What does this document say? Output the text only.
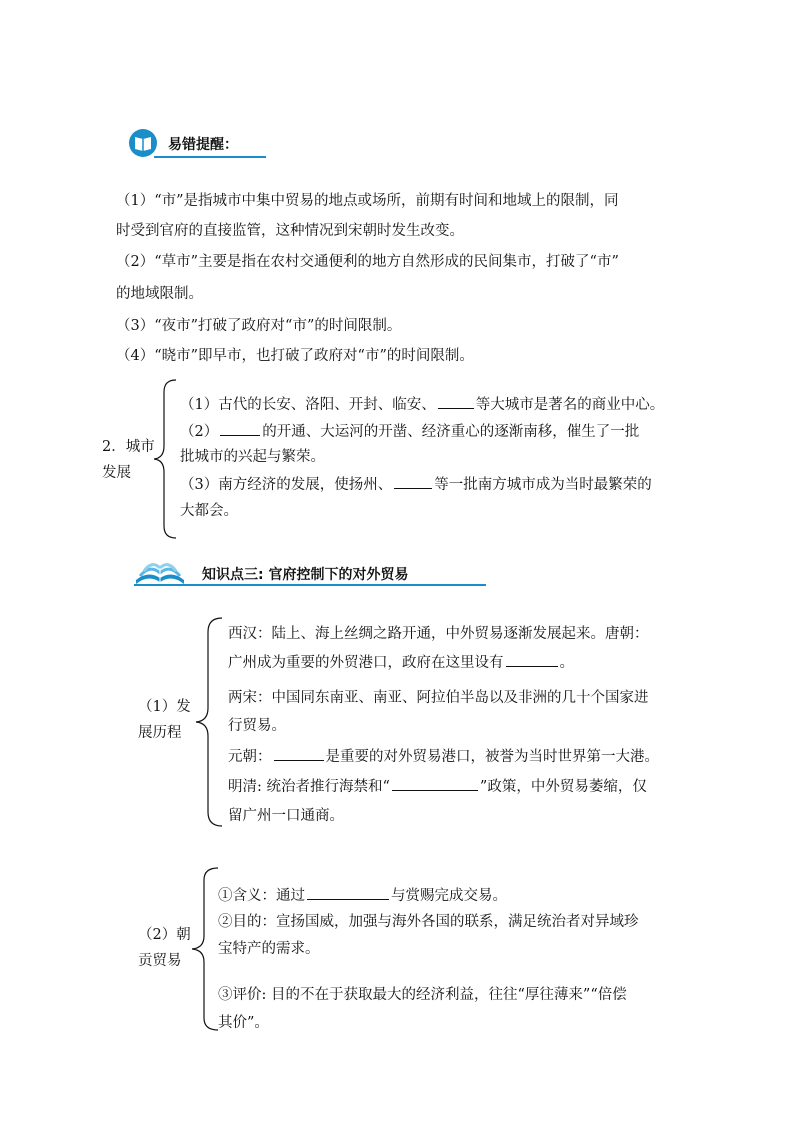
易错提醒：
（1）“市”是指城市中集中贸易的地点或场所，前期有时间和地域上的限制，同
时受到官府的直接监管，这种情况到宋朝时发生改变。
（2）“草市”主要是指在农村交通便利的地方自然形成的民间集市，打破了“市”
的地域限制。
（3）“夜市”打破了政府对“市”的时间限制。
（4）“晓市”即早市，也打破了政府对“市”的时间限制。
2．城市
发展
（1）古代的长安、洛阳、开封、临安、	等大城市是著名的商业中心。
（2）	的开通、大运河的开凿、经济重心的逐渐南移，催生了一批
批城市的兴起与繁荣。
（3）南方经济的发展，使扬州、	等一批南方城市成为当时最繁荣的
大都会。
知识点三: 官府控制下的对外贸易
（1）发
展历程
西汉：陆上、海上丝绸之路开通，中外贸易逐渐发展起来。唐朝：
广州成为重要的外贸港口，政府在这里设有	。
两宋：中国同东南亚、南亚、阿拉伯半岛以及非洲的几十个国家进
行贸易。
元朝：	是重要的对外贸易港口，被誉为当时世界第一大港。
明清: 统治者推行海禁和“	”政策，中外贸易萎缩，仅
留广州一口通商。
（2）朝
贡贸易
①含义：通过	与赏赐完成交易。
②目的：宣扬国威，加强与海外各国的联系，满足统治者对异域珍
宝特产的需求。
③评价: 目的不在于获取最大的经济利益，往往“厚往薄来”“倍偿
其价”。
